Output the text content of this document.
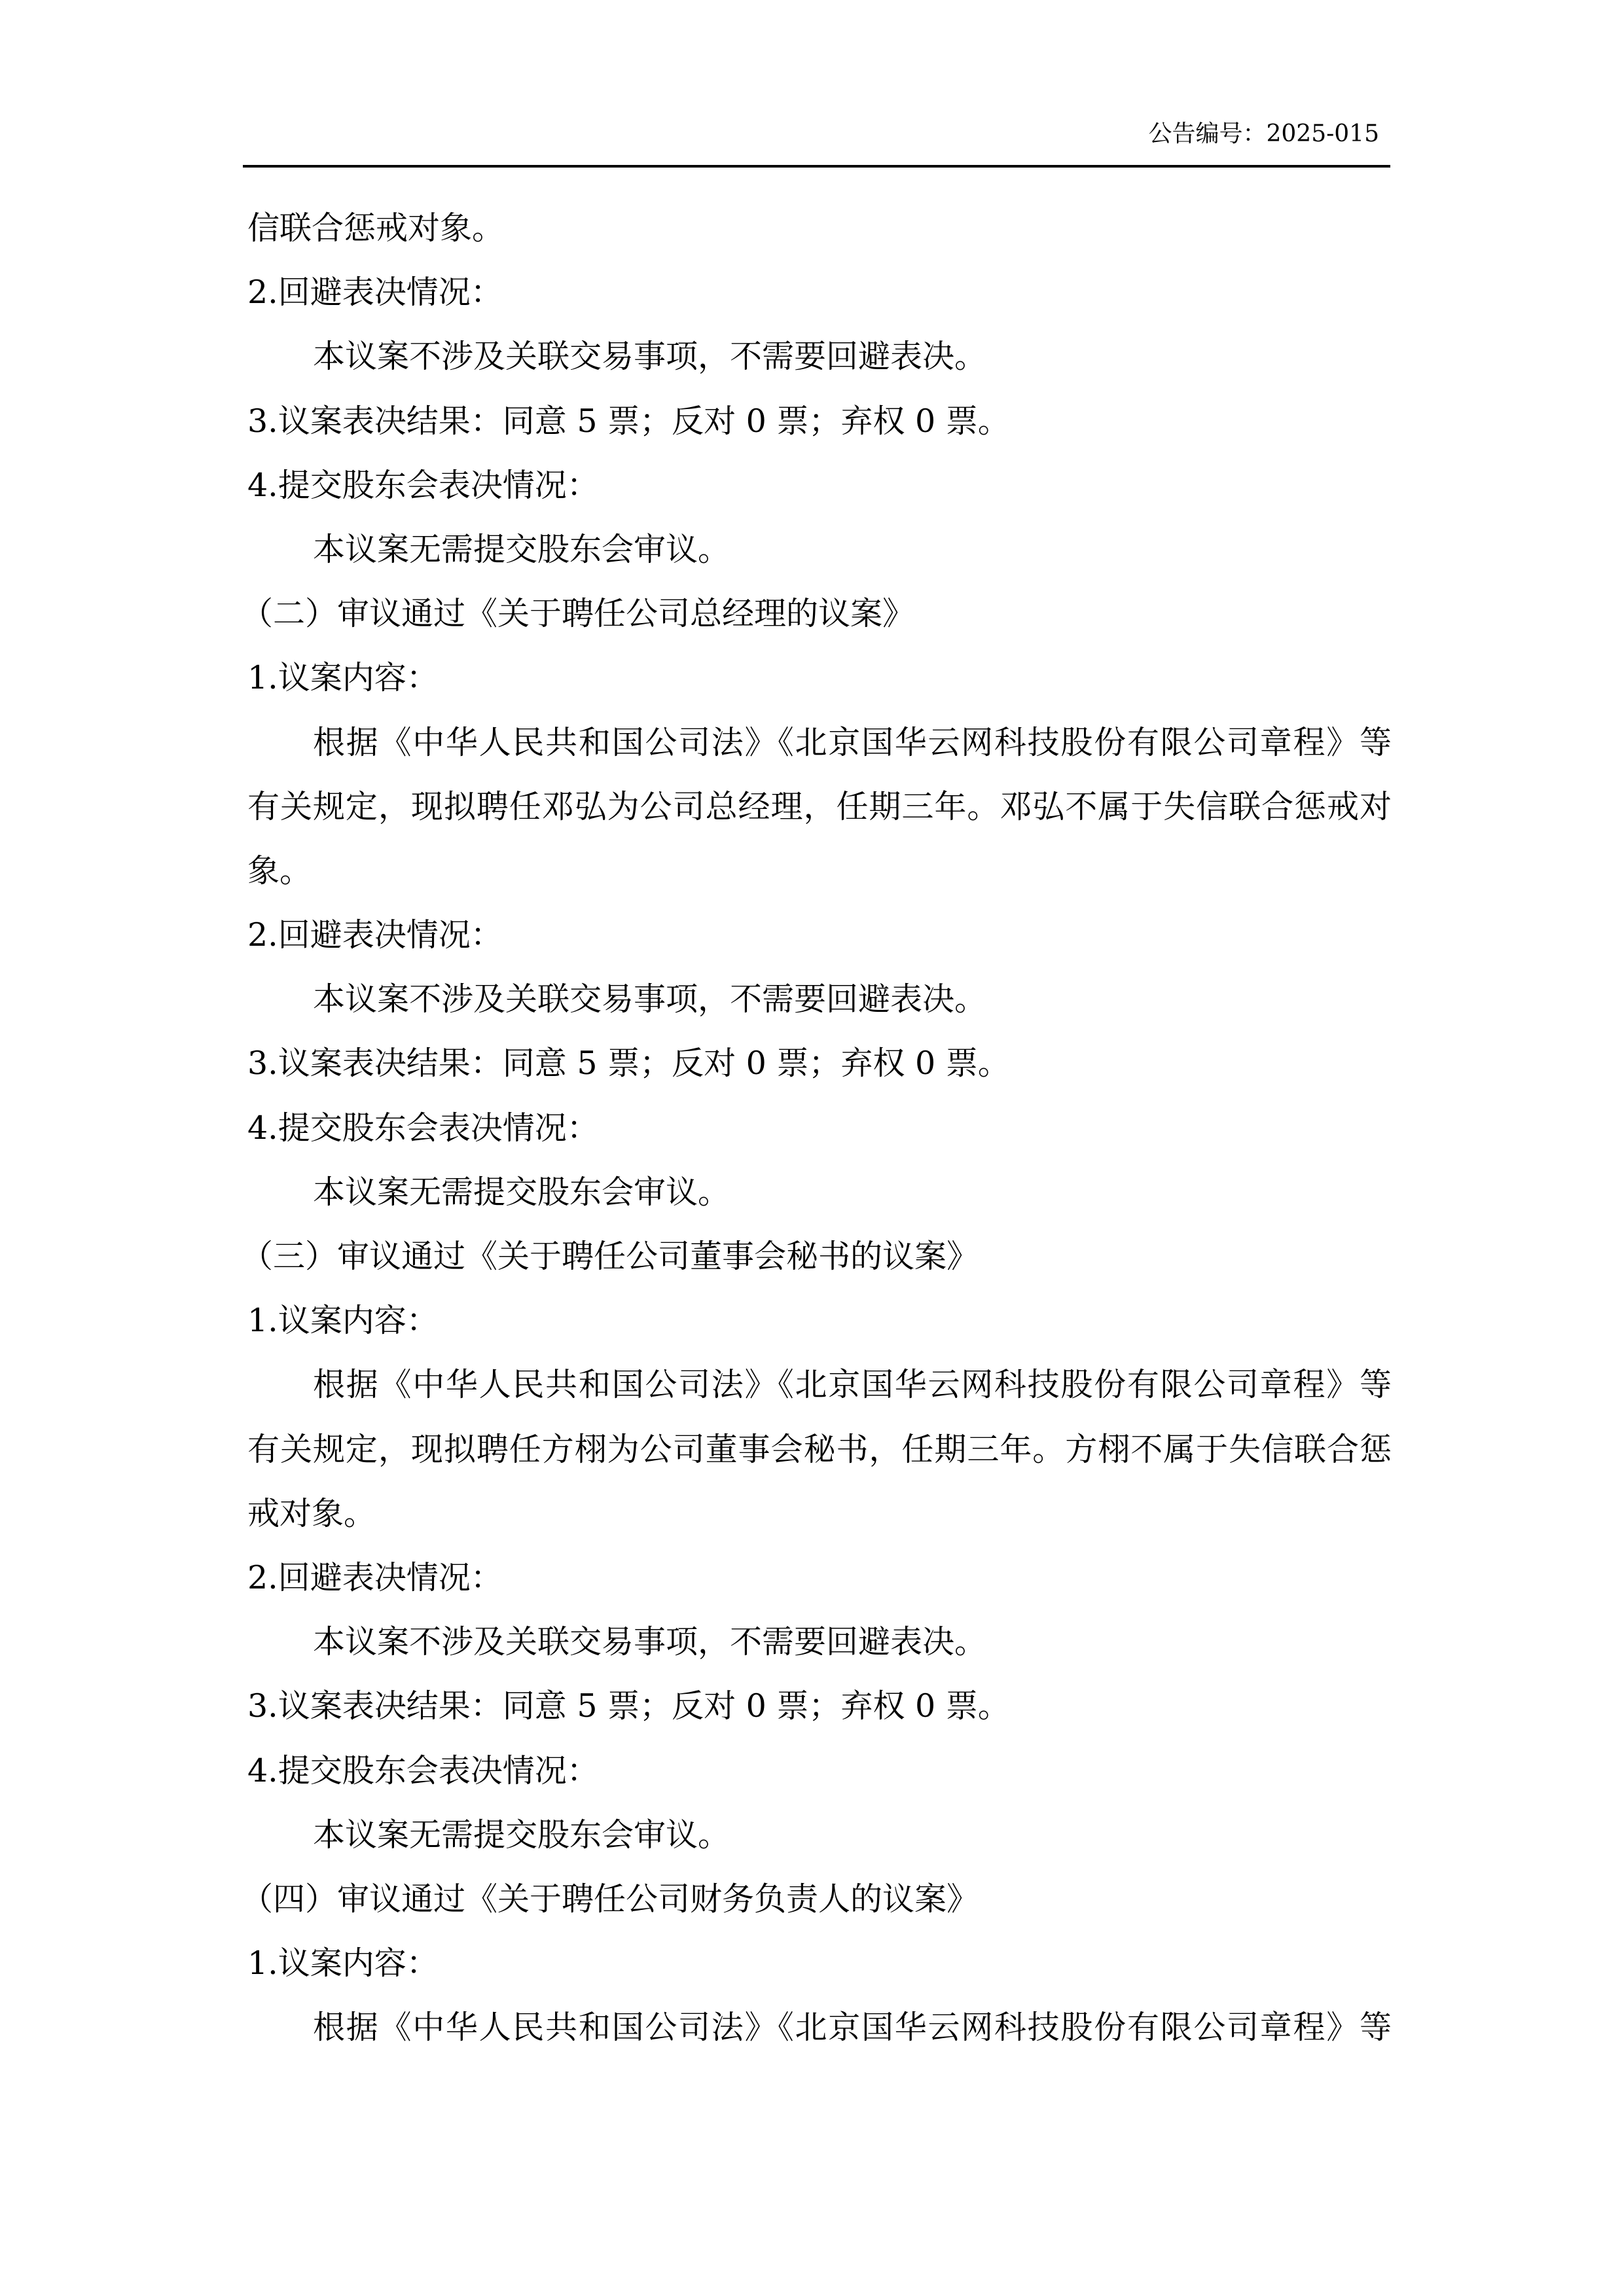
公告编号：2025-015
信联合惩戒对象。
2.回避表决情况：
本议案不涉及关联交易事项，不需要回避表决。
3.议案表决结果：同意 5 票；反对 0 票；弃权 0 票。
4.提交股东会表决情况：
本议案无需提交股东会审议。
（二）审议通过《关于聘任公司总经理的议案》
1.议案内容：
根据《中华人民共和国公司法》《北京国华云网科技股份有限公司章程》等
有关规定，现拟聘任邓弘为公司总经理，任期三年。邓弘不属于失信联合惩戒对
象。
2.回避表决情况：
本议案不涉及关联交易事项，不需要回避表决。
3.议案表决结果：同意 5 票；反对 0 票；弃权 0 票。
4.提交股东会表决情况：
本议案无需提交股东会审议。
（三）审议通过《关于聘任公司董事会秘书的议案》
1.议案内容：
根据《中华人民共和国公司法》《北京国华云网科技股份有限公司章程》等
有关规定，现拟聘任方栩为公司董事会秘书，任期三年。方栩不属于失信联合惩
戒对象。
2.回避表决情况：
本议案不涉及关联交易事项，不需要回避表决。
3.议案表决结果：同意 5 票；反对 0 票；弃权 0 票。
4.提交股东会表决情况：
本议案无需提交股东会审议。
（四）审议通过《关于聘任公司财务负责人的议案》
1.议案内容：
根据《中华人民共和国公司法》《北京国华云网科技股份有限公司章程》等
